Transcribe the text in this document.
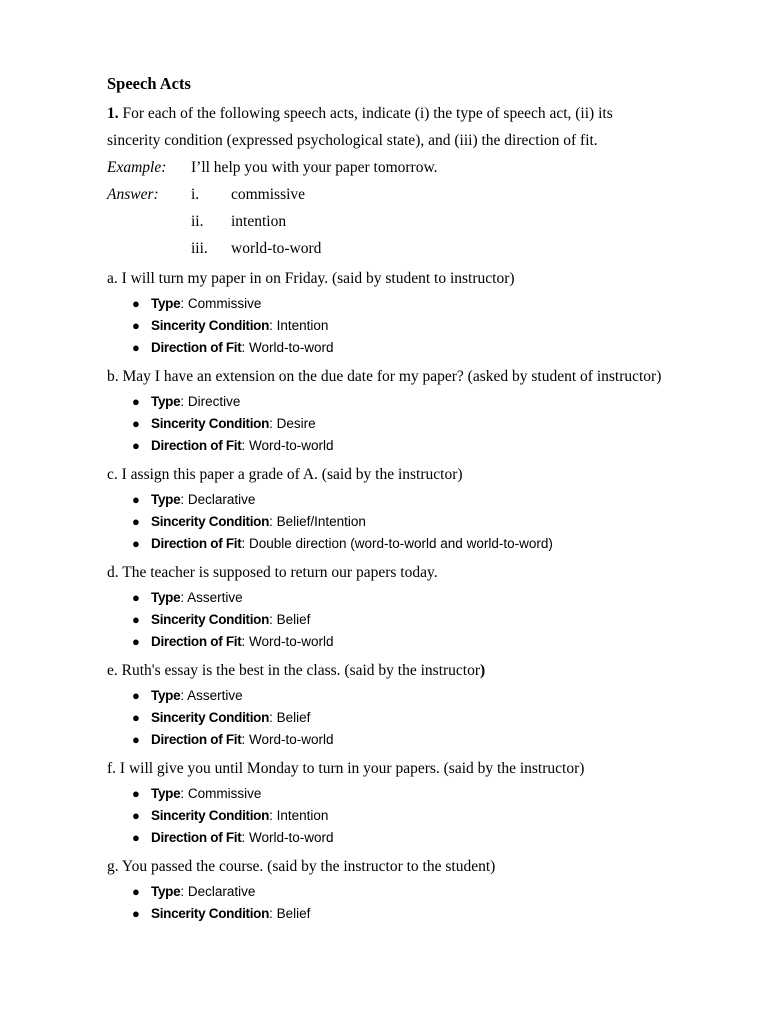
Speech Acts

1. For each of the following speech acts, indicate (i) the type of speech act, (ii) its sincerity condition (expressed psychological state), and (iii) the direction of fit.

Example:	I’ll help you with your paper tomorrow.
Answer:	i.	commissive
ii.	intention
iii.	world-to-word

a. I will turn my paper in on Friday. (said by student to instructor)

● Type: Commissive
● Sincerity Condition: Intention
● Direction of Fit: World-to-word

b. May I have an extension on the due date for my paper? (asked by student of instructor)

● Type: Directive
● Sincerity Condition: Desire
● Direction of Fit: Word-to-world

c. I assign this paper a grade of A. (said by the instructor)

● Type: Declarative
● Sincerity Condition: Belief/Intention
● Direction of Fit: Double direction (word-to-world and world-to-word)

d. The teacher is supposed to return our papers today.

● Type: Assertive
● Sincerity Condition: Belief
● Direction of Fit: Word-to-world

e. Ruth's essay is the best in the class. (said by the instructor)

● Type: Assertive
● Sincerity Condition: Belief
● Direction of Fit: Word-to-world

f. I will give you until Monday to turn in your papers. (said by the instructor)

● Type: Commissive
● Sincerity Condition: Intention
● Direction of Fit: World-to-word

g. You passed the course. (said by the instructor to the student)

● Type: Declarative
● Sincerity Condition: Belief
